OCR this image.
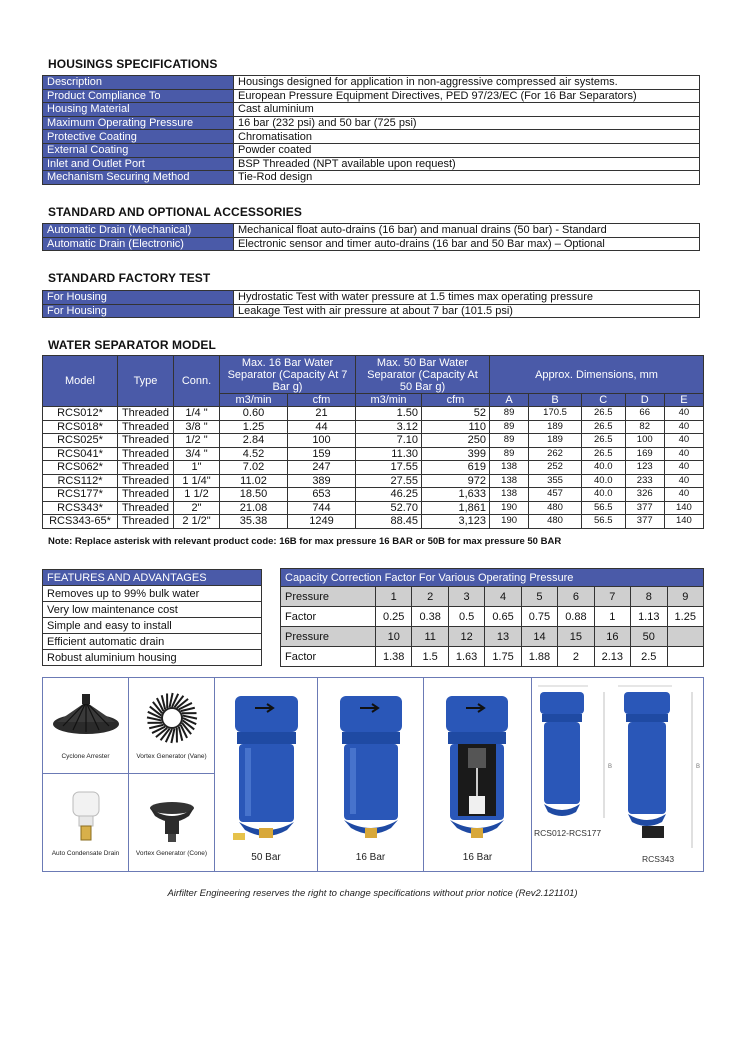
HOUSINGS SPECIFICATIONS
Description	Housings designed for application in non-aggressive compressed air systems.
Product Compliance To	European Pressure Equipment Directives, PED 97/23/EC (For 16 Bar Separators)
Housing Material	Cast aluminium
Maximum Operating Pressure	16 bar (232 psi) and 50 bar (725 psi)
Protective Coating	Chromatisation
External Coating	Powder coated
Inlet and Outlet Port	BSP Threaded (NPT available upon request)
Mechanism Securing Method	Tie-Rod design
STANDARD AND OPTIONAL ACCESSORIES
Automatic Drain (Mechanical)	Mechanical float auto-drains (16 bar) and manual drains (50 bar) - Standard
Automatic Drain (Electronic)	Electronic sensor and timer auto-drains (16 bar and 50 Bar max) – Optional
STANDARD FACTORY TEST
For Housing	Hydrostatic Test with water pressure at 1.5 times max operating pressure
For Housing	Leakage Test with air pressure at about 7 bar (101.5 psi)
WATER SEPARATOR MODEL
Model	Type	Conn.	Max. 16 Bar Water Separator (Capacity At 7 Bar g)		Max. 50 Bar Water Separator (Capacity At 50 Bar g)		Approx. Dimensions, mm				
			m3/min	cfm	m3/min	cfm	A	B	C	D	E
RCS012*	Threaded	1/4 "	0.60	21	1.50	52	89	170.5	26.5	66	40
RCS018*	Threaded	3/8 "	1.25	44	3.12	110	89	189	26.5	82	40
RCS025*	Threaded	1/2 "	2.84	100	7.10	250	89	189	26.5	100	40
RCS041*	Threaded	3/4 "	4.52	159	11.30	399	89	262	26.5	169	40
RCS062*	Threaded	1"	7.02	247	17.55	619	138	252	40.0	123	40
RCS112*	Threaded	1 1/4"	11.02	389	27.55	972	138	355	40.0	233	40
RCS177*	Threaded	1 1/2	18.50	653	46.25	1,633	138	457	40.0	326	40
RCS343*	Threaded	2"	21.08	744	52.70	1,861	190	480	56.5	377	140
RCS343-65*	Threaded	2 1/2"	35.38	1249	88.45	3,123	190	480	56.5	377	140
Note: Replace asterisk with relevant product code: 16B for max pressure 16 BAR or 50B for max pressure 50 BAR
FEATURES AND ADVANTAGES
Removes up to 99% bulk water
Very low maintenance cost
Simple and easy to install
Efficient automatic drain
Robust aluminium housing
Capacity Correction Factor For Various Operating Pressure									
Pressure	1	2	3	4	5	6	7	8	9
Factor	0.25	0.38	0.5	0.65	0.75	0.88	1	1.13	1.25
Pressure	10	11	12	13	14	15	16	50	
Factor	1.38	1.5	1.63	1.75	1.88	2	2.13	2.5	
Cyclone Arrester	Vortex Generator (Vane)
Auto Condensate Drain	Vortex Generator (Cone)	50 Bar	16 Bar	16 Bar
B	B
RCS012-RCS177
RCS343
Airfilter Engineering reserves the right to change specifications without prior notice (Rev2.121101)
